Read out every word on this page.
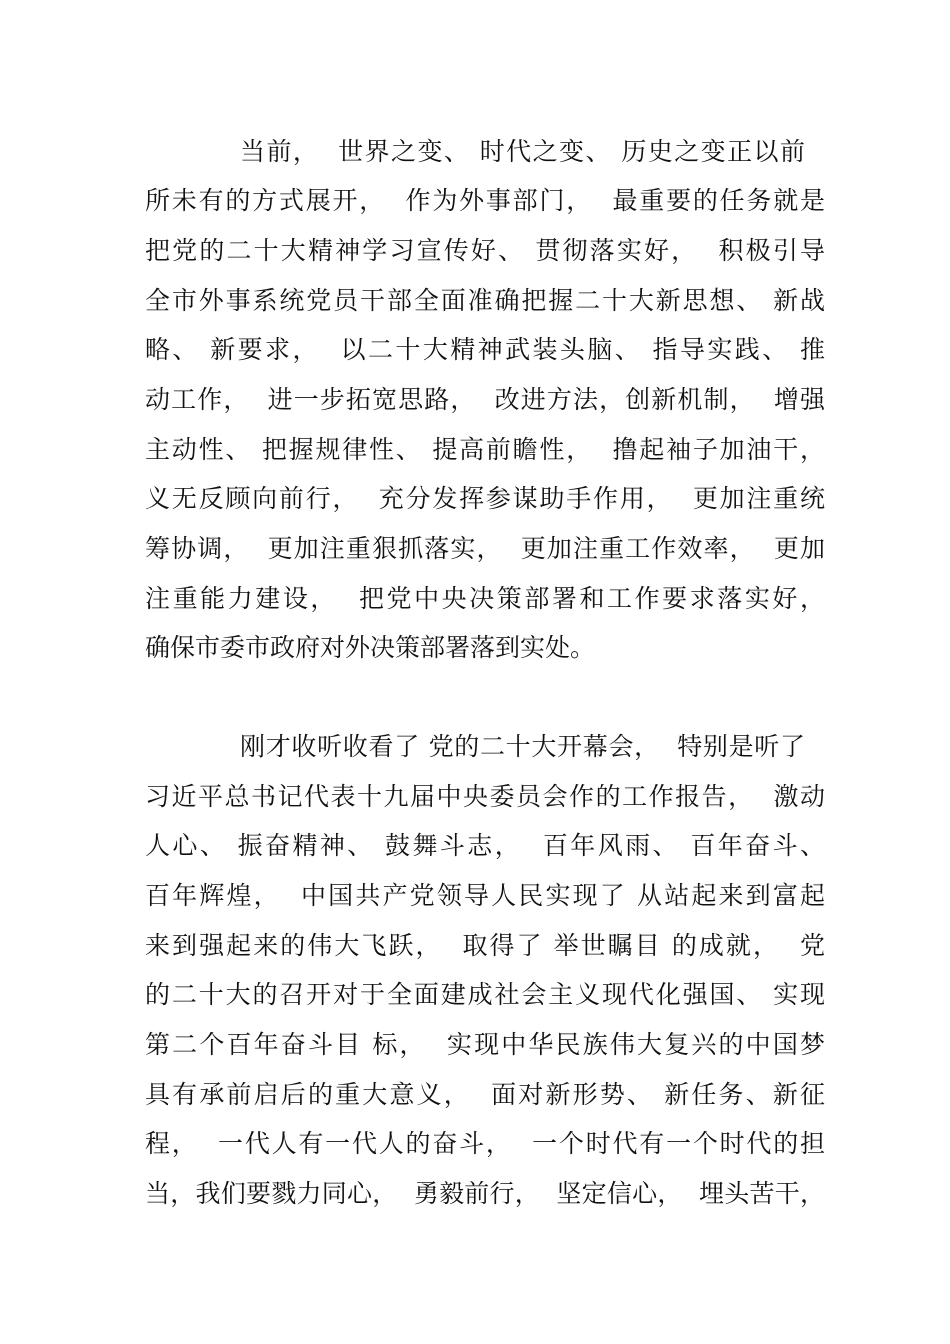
当前，  世界之变、 时代之变、 历史之变正以前
所未有的方式展开，  作为外事部门，  最重要的任务就是
把党的二十大精神学习宣传好、 贯彻落实好，  积极引导
全市外事系统党员干部全面准确把握二十大新思想、 新战
略、 新要求，  以二十大精神武装头脑、 指导实践、 推
动工作，  进一步拓宽思路，  改进方法，创新机制，  增强
主动性、 把握规律性、 提高前瞻性，  撸起袖子加油干，
义无反顾向前行，  充分发挥参谋助手作用，  更加注重统
筹协调，  更加注重狠抓落实，  更加注重工作效率，  更加
注重能力建设，  把党中央决策部署和工作要求落实好，
确保市委市政府对外决策部署落到实处。
刚才收听收看了 党的二十大开幕会，  特别是听了
习近平总书记代表十九届中央委员会作的工作报告，  激动
人心、 振奋精神、 鼓舞斗志，  百年风雨、 百年奋斗、
百年辉煌，  中国共产党领导人民实现了 从站起来到富起
来到强起来的伟大飞跃，  取得了 举世瞩目 的成就，  党
的二十大的召开对于全面建成社会主义现代化强国、 实现
第二个百年奋斗目 标，  实现中华民族伟大复兴的中国梦
具有承前启后的重大意义，  面对新形势、 新任务、新征
程，  一代人有一代人的奋斗，  一个时代有一个时代的担
当，我们要戮力同心，  勇毅前行，  坚定信心，  埋头苦干，
